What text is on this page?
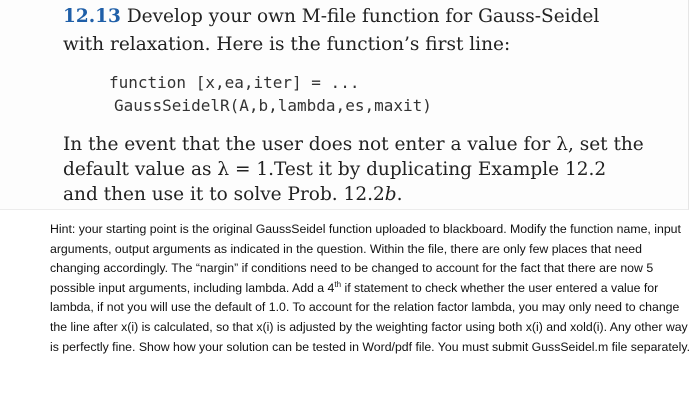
12.13 Develop your own M-file function for Gauss-Seidel
with relaxation. Here is the function’s first line:

function [x,ea,iter] = ...
GaussSeidelR(A,b,lambda,es,maxit)

In the event that the user does not enter a value for λ, set the
default value as λ = 1.Test it by duplicating Example 12.2
and then use it to solve Prob. 12.2b.

Hint: your starting point is the original GaussSeidel function uploaded to blackboard. Modify the function name, input arguments, output arguments as indicated in the question. Within the file, there are only few places that need changing accordingly. The “nargin” if conditions need to be changed to account for the fact that there are now 5 possible input arguments, including lambda. Add a 4th if statement to check whether the user entered a value for lambda, if not you will use the default of 1.0. To account for the relation factor lambda, you may only need to change the line after x(i) is calculated, so that x(i) is adjusted by the weighting factor using both x(i) and xold(i). Any other way is perfectly fine. Show how your solution can be tested in Word/pdf file. You must submit GussSeidel.m file separately.
